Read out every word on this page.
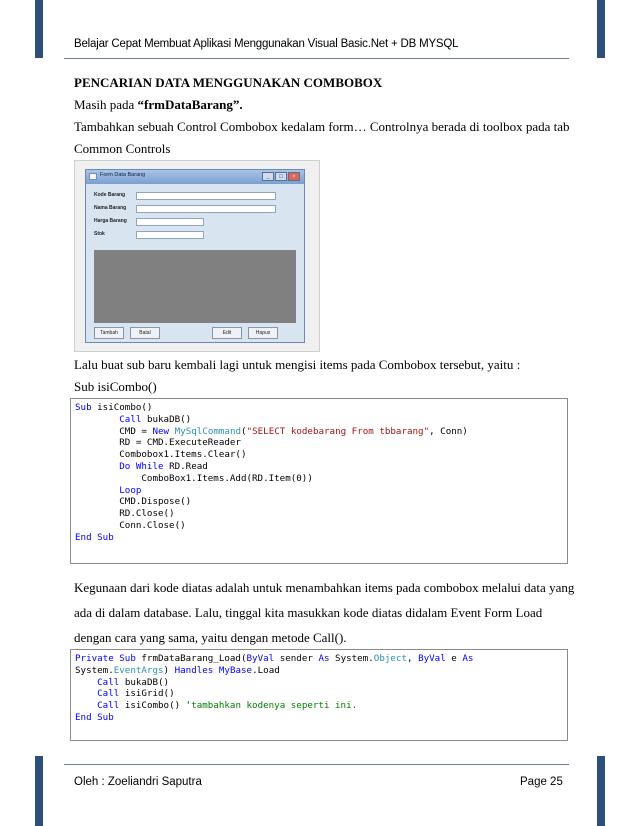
Belajar Cepat Membuat Aplikasi Menggunakan Visual Basic.Net + DB MYSQL
PENCARIAN DATA MENGGUNAKAN COMBOBOX
Masih pada “frmDataBarang”.
Tambahkan sebuah Control Combobox kedalam form… Controlnya berada di toolbox pada tab
Common Controls
Form Data Barang	_	□	×
Kode Barang
Nama Barang
Harga Barang
Stok
Tambah	Batal	Edit	Hapus
Lalu buat sub baru kembali lagi untuk mengisi items pada Combobox tersebut, yaitu :
Sub isiCombo()
Sub isiCombo()
Call bukaDB()
CMD = New MySqlCommand("SELECT kodebarang From tbbarang", Conn)
RD = CMD.ExecuteReader
Combobox1.Items.Clear()
Do While RD.Read
ComboBox1.Items.Add(RD.Item(0))
Loop
CMD.Dispose()
RD.Close()
Conn.Close()
End Sub
Kegunaan dari kode diatas adalah untuk menambahkan items pada combobox melalui data yang
ada di dalam database. Lalu, tinggal kita masukkan kode diatas didalam Event Form Load
dengan cara yang sama, yaitu dengan metode Call().
Private Sub frmDataBarang_Load(ByVal sender As System.Object, ByVal e As
System.EventArgs) Handles MyBase.Load
Call bukaDB()
Call isiGrid()
Call isiCombo() ‘tambahkan kodenya seperti ini.
End Sub
Oleh : Zoeliandri Saputra	Page 25
